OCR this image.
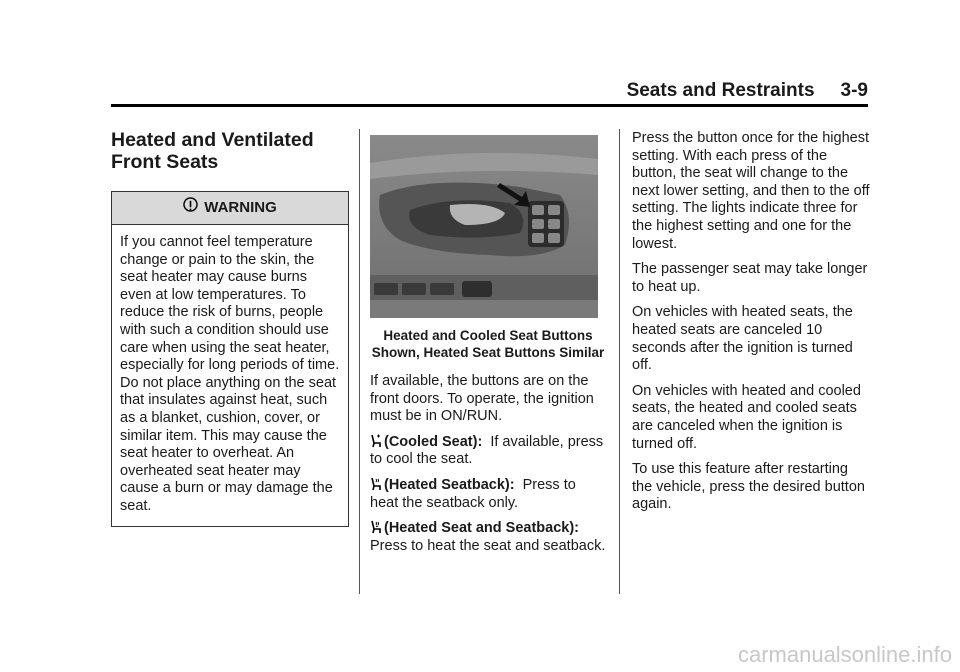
Seats and Restraints 3-9
Heated and Ventilated
Front Seats
WARNING
If you cannot feel temperature change or pain to the skin, the seat heater may cause burns even at low temperatures. To reduce the risk of burns, people with such a condition should use care when using the seat heater, especially for long periods of time. Do not place anything on the seat that insulates against heat, such as a blanket, cushion, cover, or similar item. This may cause the seat heater to overheat. An overheated seat heater may cause a burn or may damage the seat.
Heated and Cooled Seat Buttons Shown, Heated Seat Buttons Similar

If available, the buttons are on the front doors. To operate, the ignition must be in ON/RUN.

(Cooled Seat): If available, press to cool the seat.

(Heated Seatback): Press to heat the seatback only.

(Heated Seat and Seatback):
Press to heat the seat and seatback.

Press the button once for the highest setting. With each press of the button, the seat will change to the next lower setting, and then to the off setting. The lights indicate three for the highest setting and one for the lowest.

The passenger seat may take longer to heat up.

On vehicles with heated seats, the heated seats are canceled 10 seconds after the ignition is turned off.

On vehicles with heated and cooled seats, the heated and cooled seats are canceled when the ignition is turned off.

To use this feature after restarting the vehicle, press the desired button again.

carmanualsonline.info
